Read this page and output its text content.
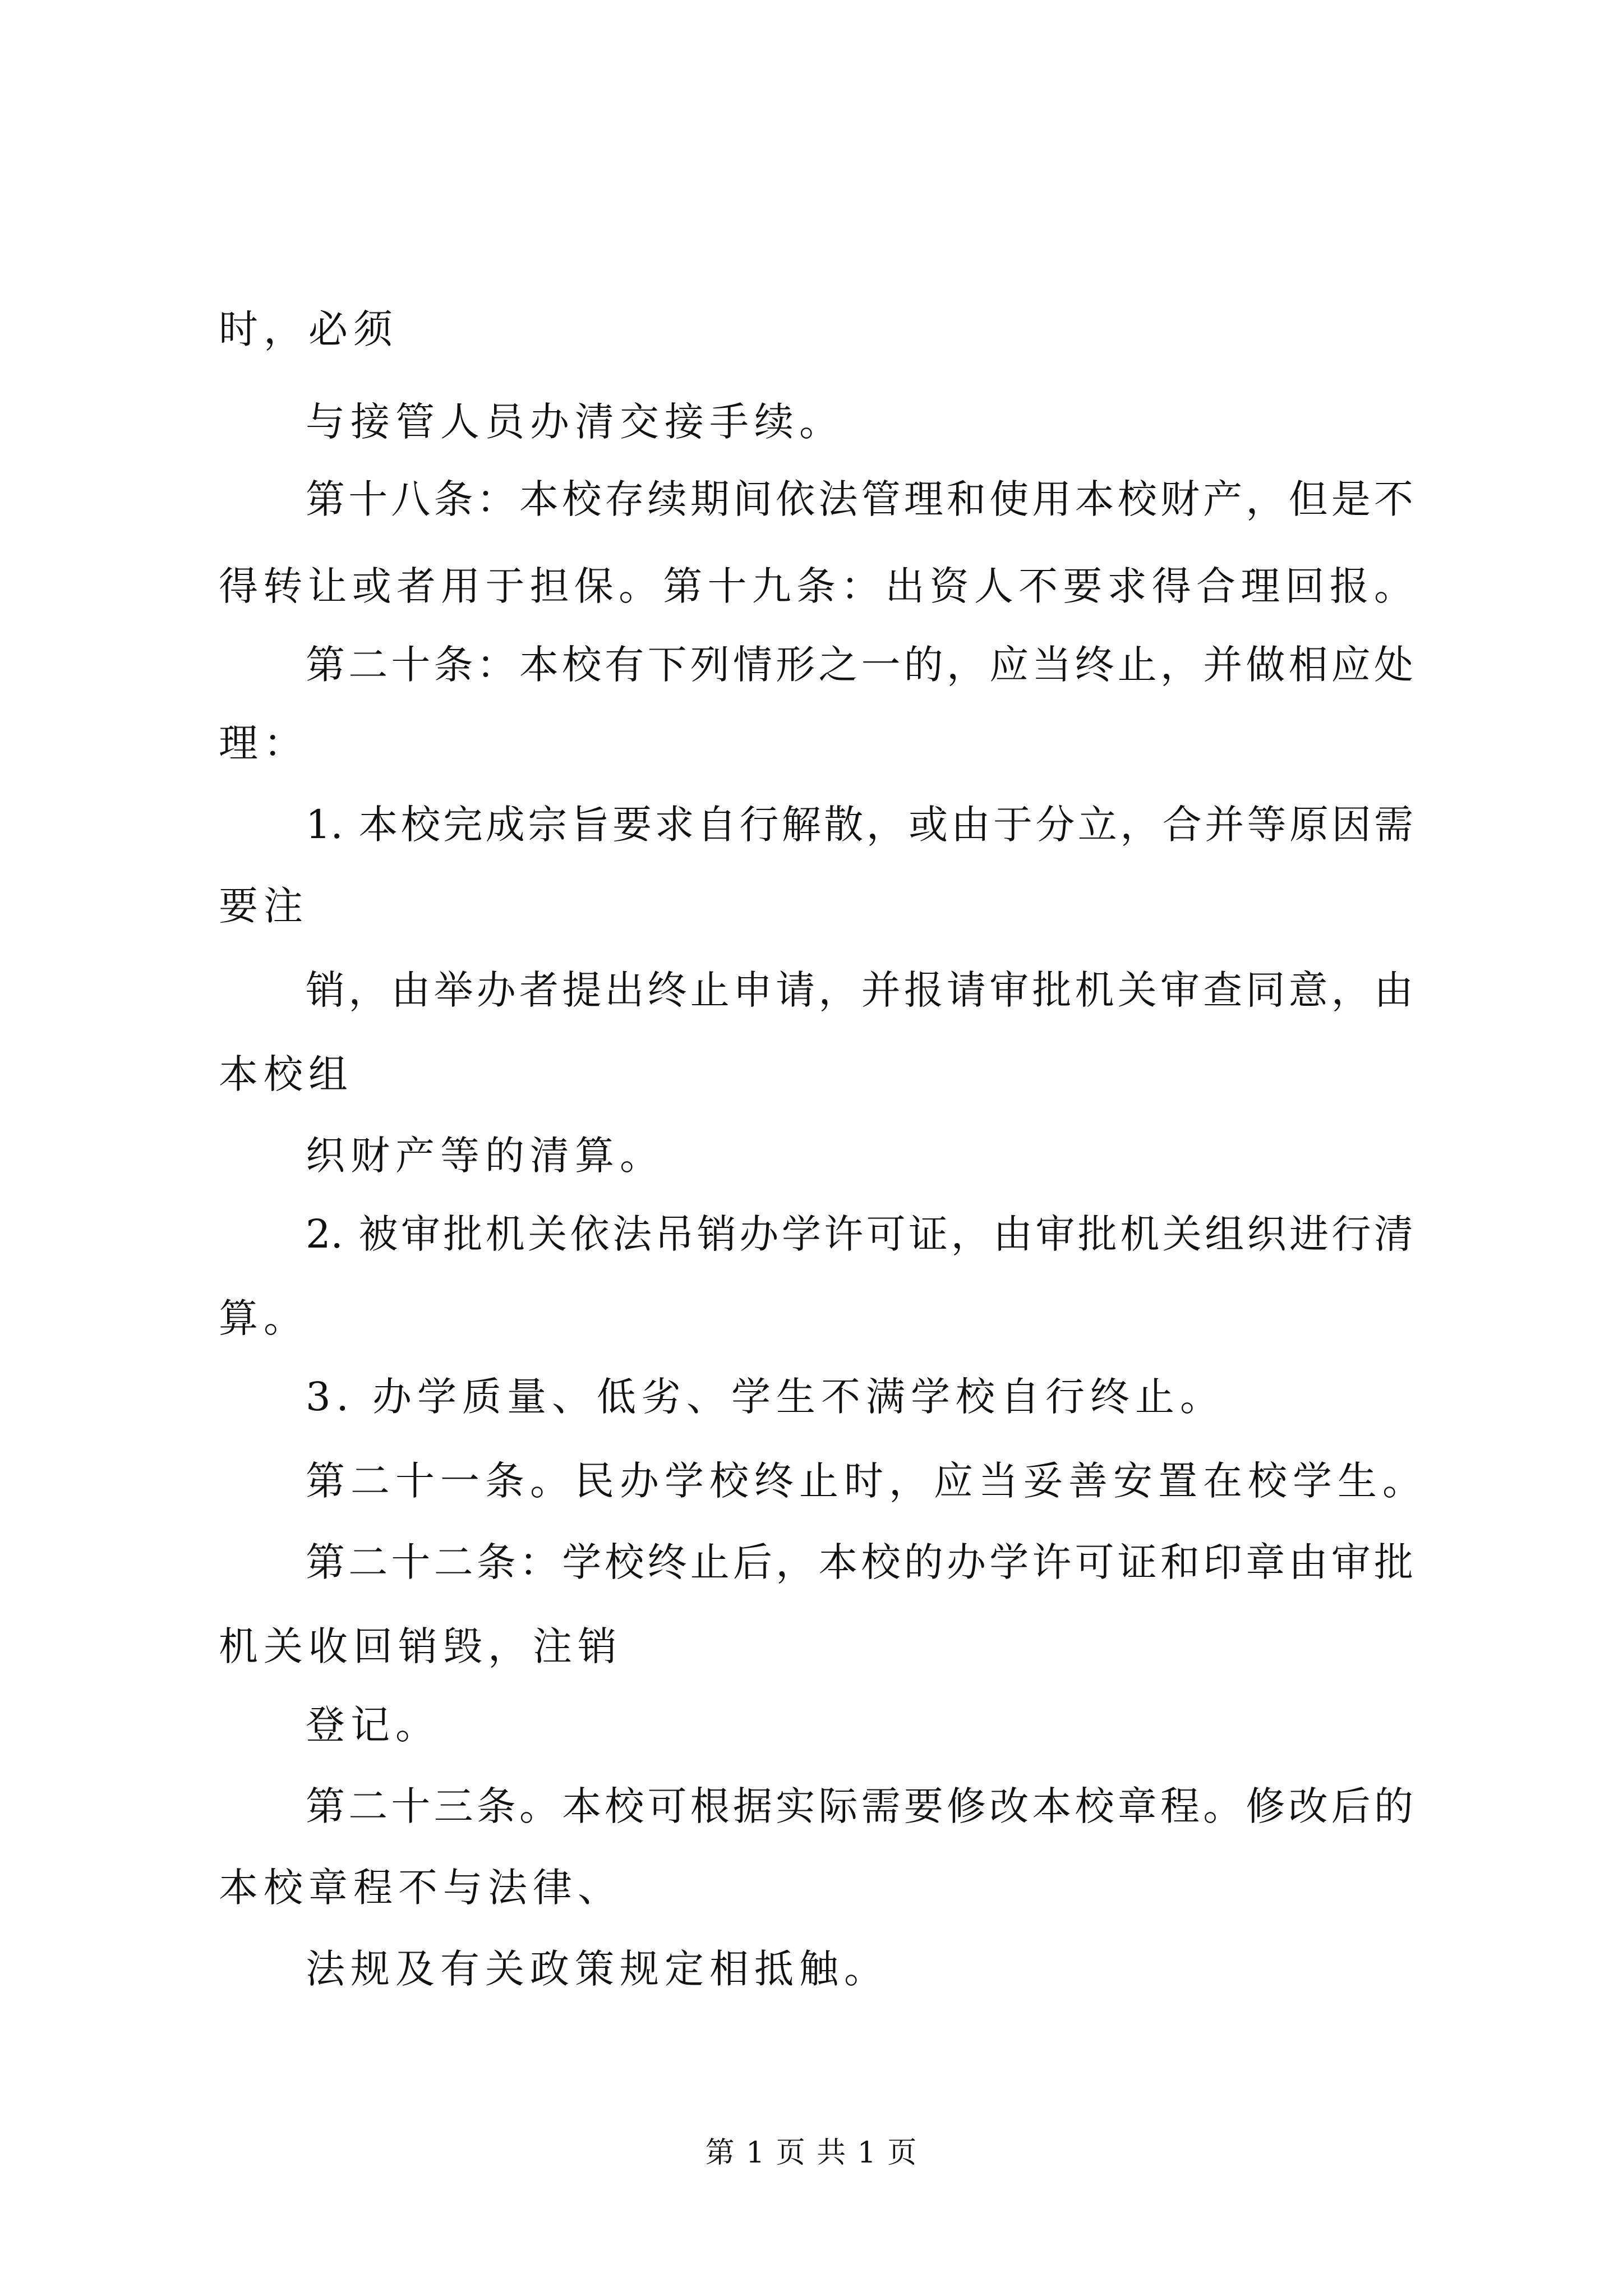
时，必须

与接管人员办清交接手续。

第十八条：本校存续期间依法管理和使用本校财产，但是不

得转让或者用于担保。第十九条：出资人不要求得合理回报。

第二十条：本校有下列情形之一的，应当终止，并做相应处

理：

1. 本校完成宗旨要求自行解散，或由于分立，合并等原因需

要注

销，由举办者提出终止申请，并报请审批机关审查同意，由

本校组

织财产等的清算。

2. 被审批机关依法吊销办学许可证，由审批机关组织进行清

算。

3. 办学质量、低劣、学生不满学校自行终止。

第二十一条。民办学校终止时，应当妥善安置在校学生。

第二十二条：学校终止后，本校的办学许可证和印章由审批

机关收回销毁，注销

登记。

第二十三条。本校可根据实际需要修改本校章程。修改后的

本校章程不与法律、

法规及有关政策规定相抵触。

第 1 页 共 1 页
